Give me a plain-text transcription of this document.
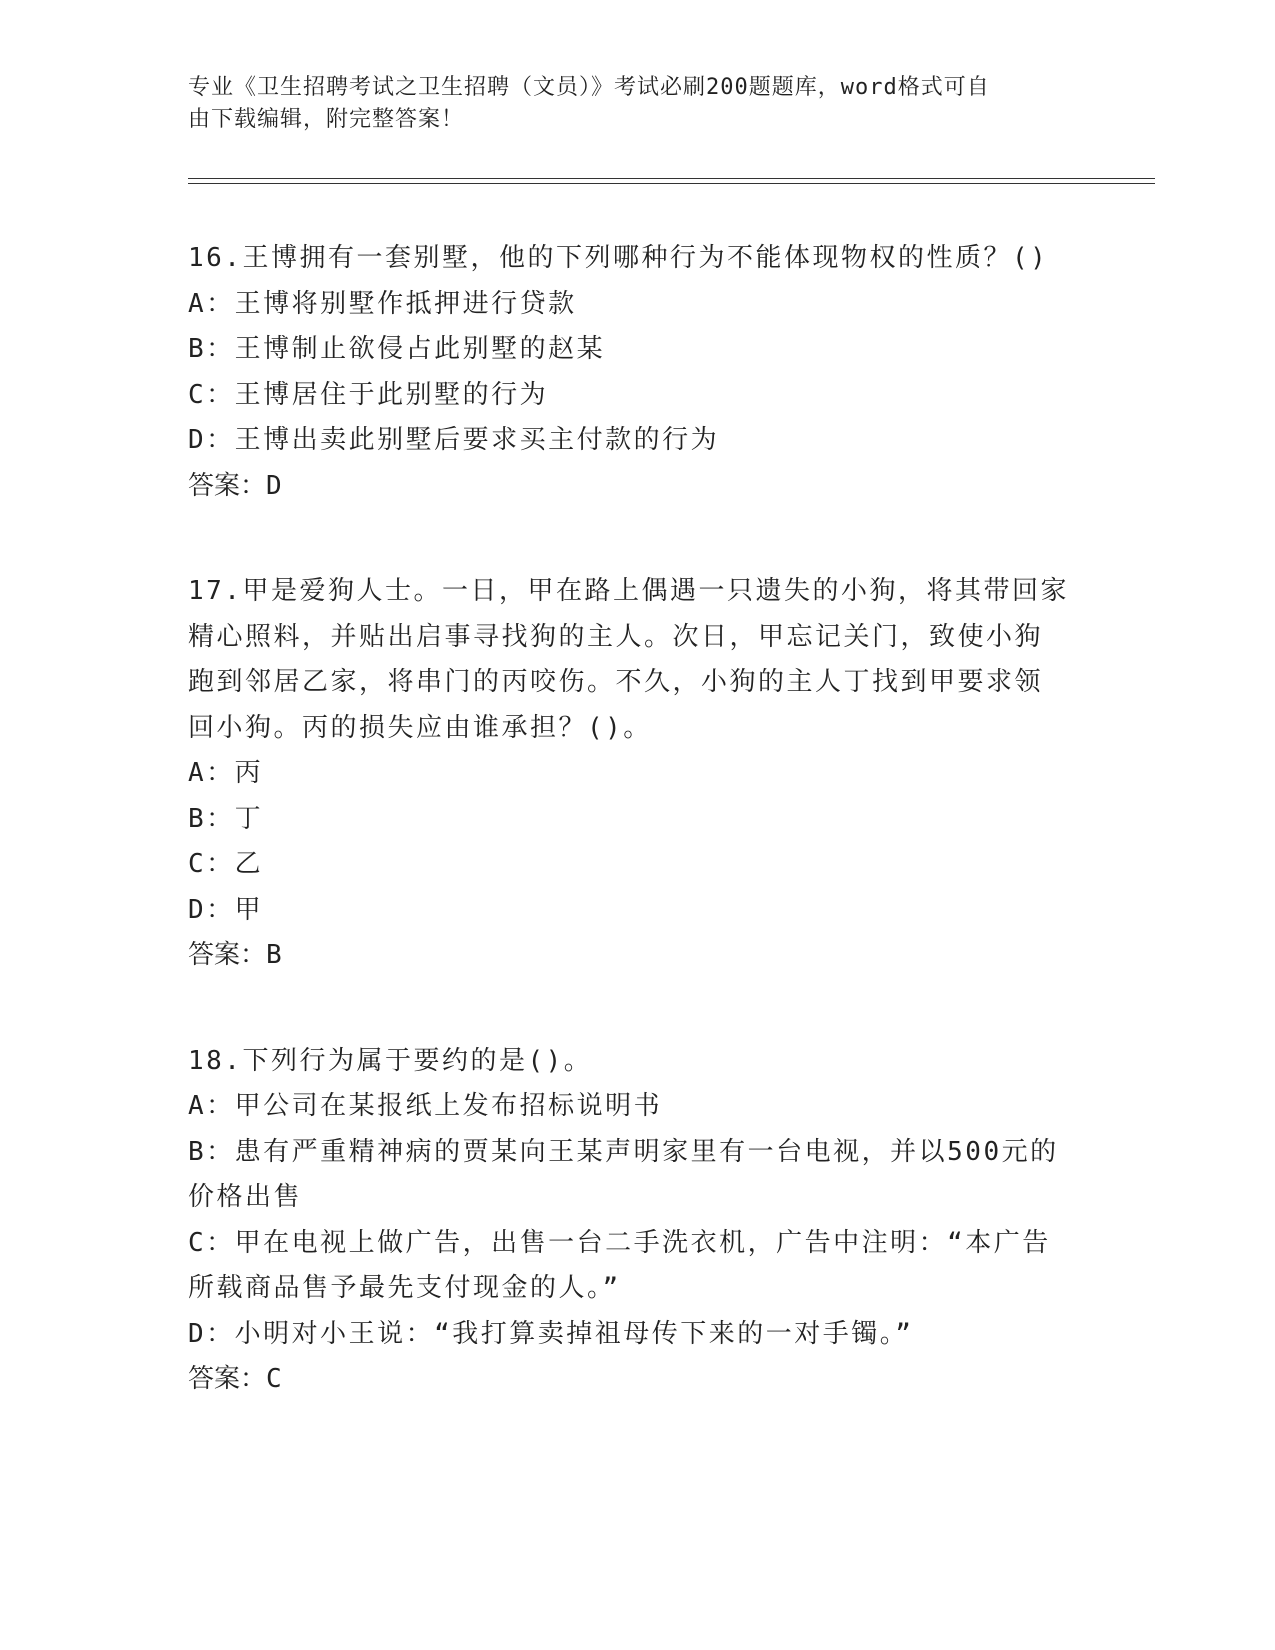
专业《卫生招聘考试之卫生招聘（文员）》考试必刷200题题库，word格式可自
由下载编辑，附完整答案！
16.王博拥有一套别墅，他的下列哪种行为不能体现物权的性质？()
A：王博将别墅作抵押进行贷款
B：王博制止欲侵占此别墅的赵某
C：王博居住于此别墅的行为
D：王博出卖此别墅后要求买主付款的行为
答案：D
17.甲是爱狗人士。一日，甲在路上偶遇一只遗失的小狗，将其带回家
精心照料，并贴出启事寻找狗的主人。次日，甲忘记关门，致使小狗
跑到邻居乙家，将串门的丙咬伤。不久，小狗的主人丁找到甲要求领
回小狗。丙的损失应由谁承担？()。
A：丙
B：丁
C：乙
D：甲
答案：B
18.下列行为属于要约的是()。
A：甲公司在某报纸上发布招标说明书
B：患有严重精神病的贾某向王某声明家里有一台电视，并以500元的
价格出售
C：甲在电视上做广告，出售一台二手洗衣机，广告中注明：“本广告
所载商品售予最先支付现金的人。”
D：小明对小王说：“我打算卖掉祖母传下来的一对手镯。”
答案：C
